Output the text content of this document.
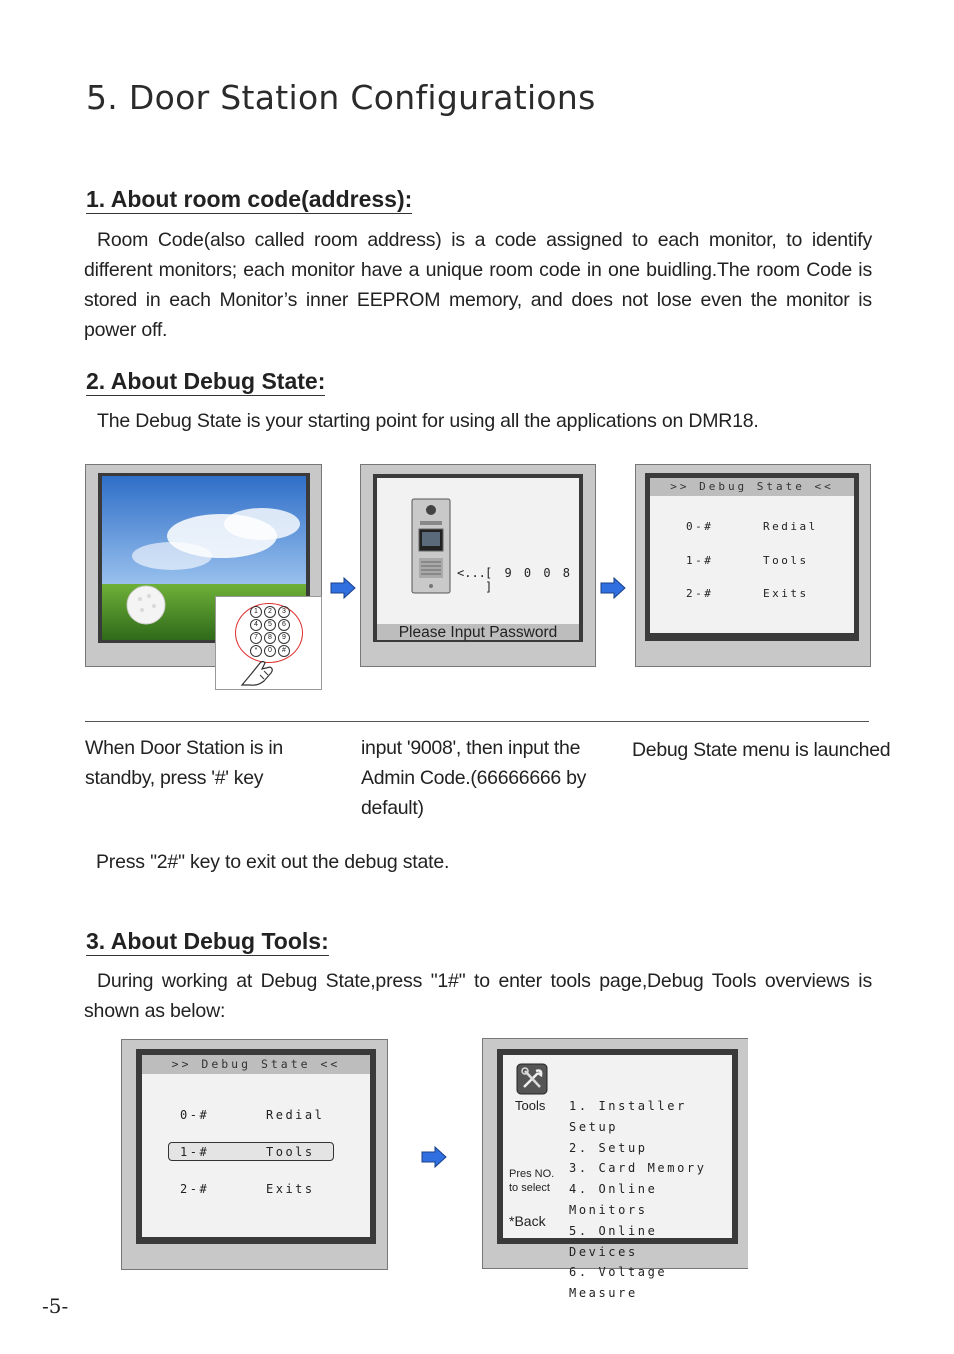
5. Door Station Configurations
1. About room code(address):

Room Code(also called room address) is a code assigned to each monitor, to identify different monitors; each monitor have a unique room code in one buidling.The room Code is stored in each Monitor’s inner EEPROM memory, and does not lose even the monitor is power off.

2. About Debug State:

The Debug State is your starting point for using all the applications on DMR18.

1	2	3
4	5	6
7	8	9
*	0	#
<... [ 9 0 0 8 ]
Please Input Password
>> Debug State <<
0-#	Redial
1-#	Tools
2-#	Exits
When Door Station is in standby, press '#' key
input '9008', then input the Admin Code.(66666666 by default)
Debug State menu is launched

Press "2#" key to exit out the debug state.

3. About Debug Tools:

During working at Debug State,press "1#" to enter tools page,Debug Tools overviews is shown as below:

>> Debug State <<
0-#	Redial
1-#	Tools
2-#	Exits
Tools
Pres NO.
to select
*Back
1. Installer Setup
2. Setup
3. Card Memory
4. Online Monitors
5. Online Devices
6. Voltage Measure
-5-
